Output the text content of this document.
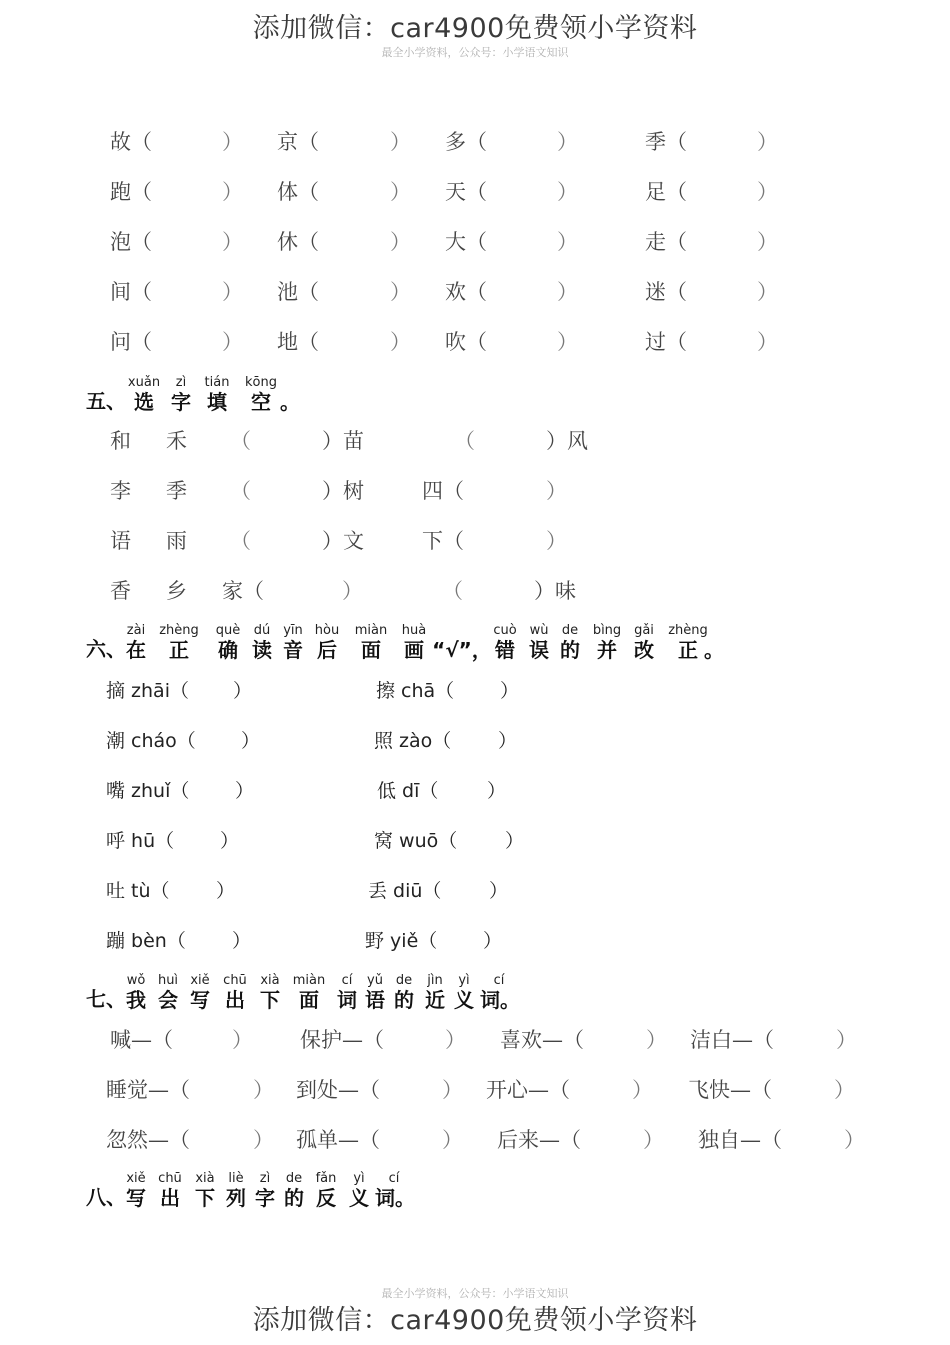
添加微信：car4900免费领小学资料
最全小学资料，公众号：小学语文知识
故（	） 京（	） 多（	）	季（	）
跑（	） 体（	） 天（	）	足（	）
泡（	） 休（	） 大（	）	走（	）
间（	） 池（	） 欢（	）	迷（	）
问（	） 地（	） 吹（	）	过（	）
五、
xuǎn
选
zì
字
tián
填
kōng
空 。
和 禾 （	）苗	（	）风
李 季 （	）树	四（	）
语 雨 （	）文	下（	）
香 乡 家（	）	（	）味
六、
zài
在
zhèng
正
què
确
dú
读
yīn
音
hòu
后
miàn
面
huà
画 “√”，
cuò
错
wù
误
de
的
bìng
并
gǎi
改
zhèng
正 。
摘 zhāi（ ）	擦 chā（ ）
潮 cháo（ ）	照 zào（ ）
嘴 zhuǐ（ ）	低 dī（	）
呼 hū（ ）	窝 wuō（	）
吐 tù（ ）	丢 diū（	）
蹦 bèn（ ）	野 yiě（ ）
七、
wǒ
我
huì
会
xiě
写
chū
出
xià
下
miàn
面
cí
词
yǔ
语
de
的
jìn
近
yì
义
cí
词。
喊—（	） 保护—（	） 喜欢—（	） 洁白—（	）
睡觉—（	） 到处—（	） 开心—（	） 飞快—（	）
忽然—（	） 孤单—（	） 后来—（	） 独自—（	）
八、
xiě
写
chū
出
xià
下
liè
列
zì
字
de
的
fǎn
反
yì
义
cí
词。
最全小学资料，公众号：小学语文知识
添加微信：car4900免费领小学资料
